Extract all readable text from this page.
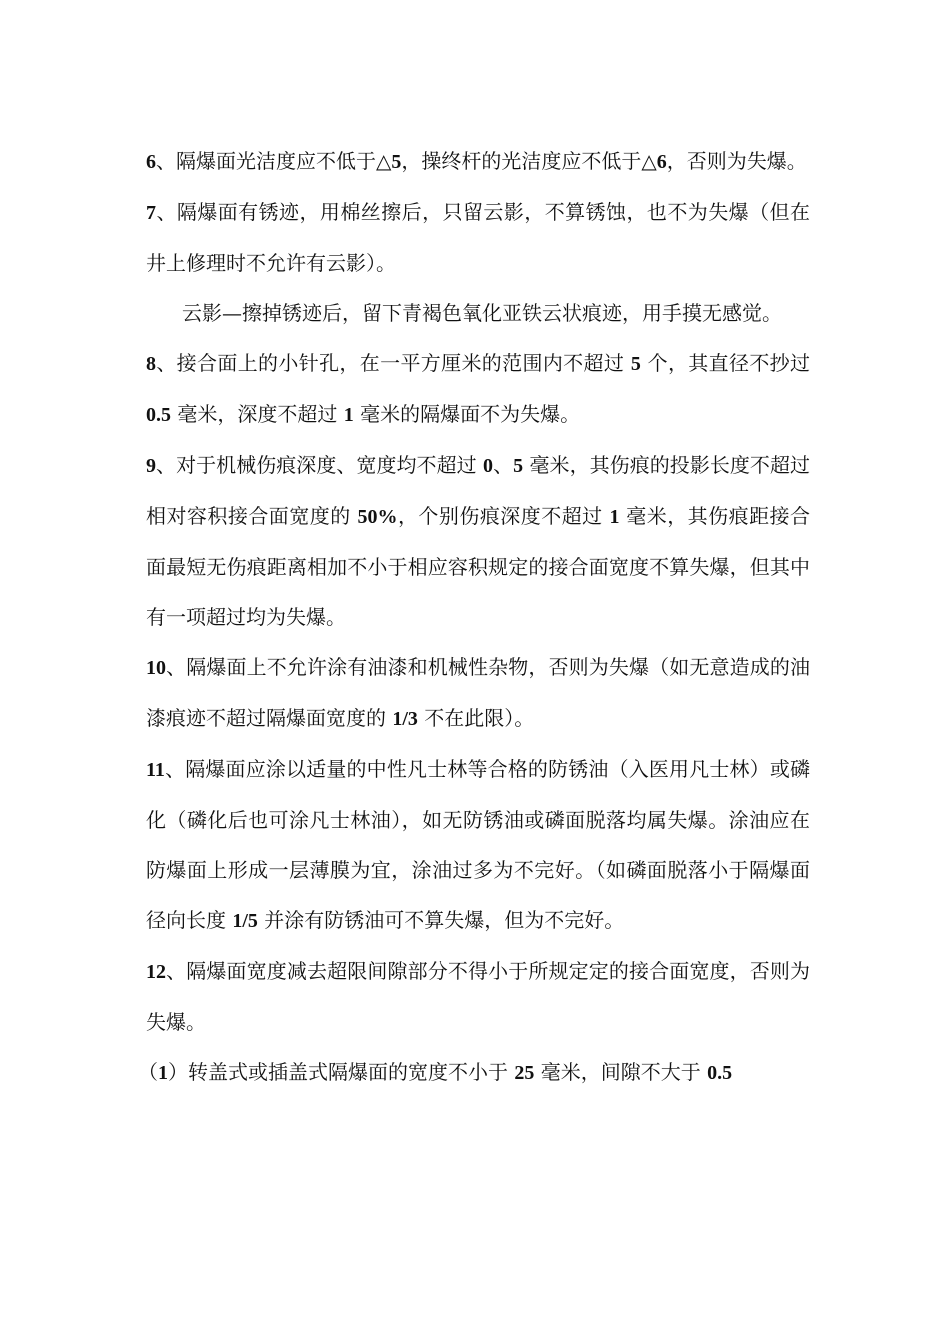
6、隔爆面光洁度应不低于△5，操终杆的光洁度应不低于△6，否则为失爆。

7、隔爆面有锈迹，用棉丝擦后，只留云影，不算锈蚀，也不为失爆（但在井上修理时不允许有云影）。

云影—擦掉锈迹后，留下青褐色氧化亚铁云状痕迹，用手摸无感觉。

8、接合面上的小针孔，在一平方厘米的范围内不超过 5 个，其直径不抄过 0.5 毫米，深度不超过 1 毫米的隔爆面不为失爆。

9、对于机械伤痕深度、宽度均不超过 0、5 毫米，其伤痕的投影长度不超过相对容积接合面宽度的 50%，个别伤痕深度不超过 1 毫米，其伤痕距接合面最短无伤痕距离相加不小于相应容积规定的接合面宽度不算失爆，但其中有一项超过均为失爆。

10、隔爆面上不允许涂有油漆和机械性杂物，否则为失爆（如无意造成的油漆痕迹不超过隔爆面宽度的 1/3 不在此限）。

11、隔爆面应涂以适量的中性凡士林等合格的防锈油（入医用凡士林）或磷化（磷化后也可涂凡士林油），如无防锈油或磷面脱落均属失爆。涂油应在防爆面上形成一层薄膜为宜，涂油过多为不完好。（如磷面脱落小于隔爆面径向长度 1/5 并涂有防锈油可不算失爆，但为不完好。

12、隔爆面宽度减去超限间隙部分不得小于所规定定的接合面宽度，否则为失爆。

（1）转盖式或插盖式隔爆面的宽度不小于 25 毫米，间隙不大于 0.5
